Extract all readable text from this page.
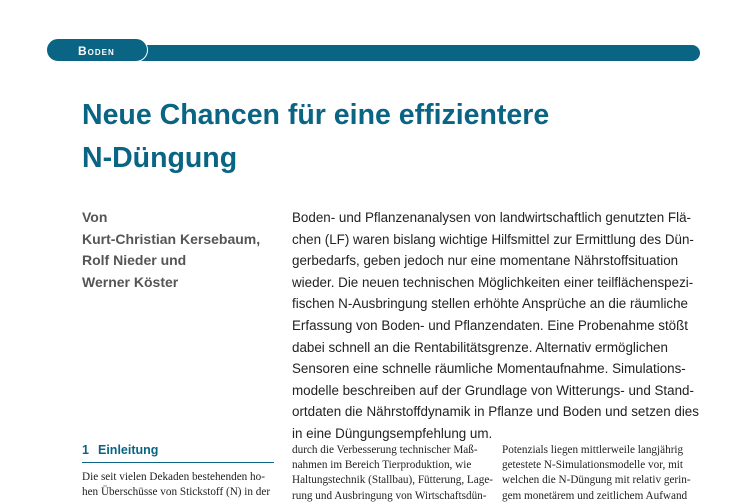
Boden
Neue Chancen für eine effizientere
N-Düngung
Von
Kurt-Christian Kersebaum,
Rolf Nieder und
Werner Köster
Boden- und Pflanzenanalysen von landwirtschaftlich genutzten Flä-
chen (LF) waren bislang wichtige Hilfsmittel zur Ermittlung des Dün-
gerbedarfs, geben jedoch nur eine momentane Nährstoffsituation
wieder. Die neuen technischen Möglichkeiten einer teilflächenspezi-
fischen N-Ausbringung stellen erhöhte Ansprüche an die räumliche
Erfassung von Boden- und Pflanzendaten. Eine Probenahme stößt
dabei schnell an die Rentabilitätsgrenze. Alternativ ermöglichen
Sensoren eine schnelle räumliche Momentaufnahme. Simulations-
modelle beschreiben auf der Grundlage von Witterungs- und Stand-
ortdaten die Nährstoffdynamik in Pflanze und Boden und setzen dies
in eine Düngungsempfehlung um.
1 Einleitung
Die seit vielen Dekaden bestehenden ho-
hen Überschüsse von Stickstoff (N) in der
durch die Verbesserung technischer Maß-
nahmen im Bereich Tierproduktion, wie
Haltungstechnik (Stallbau), Fütterung, Lage-
rung und Ausbringung von Wirtschaftsdün-
Potenzials liegen mittlerweile langjährig
getestete N-Simulationsmodelle vor, mit
welchen die N-Düngung mit relativ gerin-
gem monetärem und zeitlichem Aufwand
